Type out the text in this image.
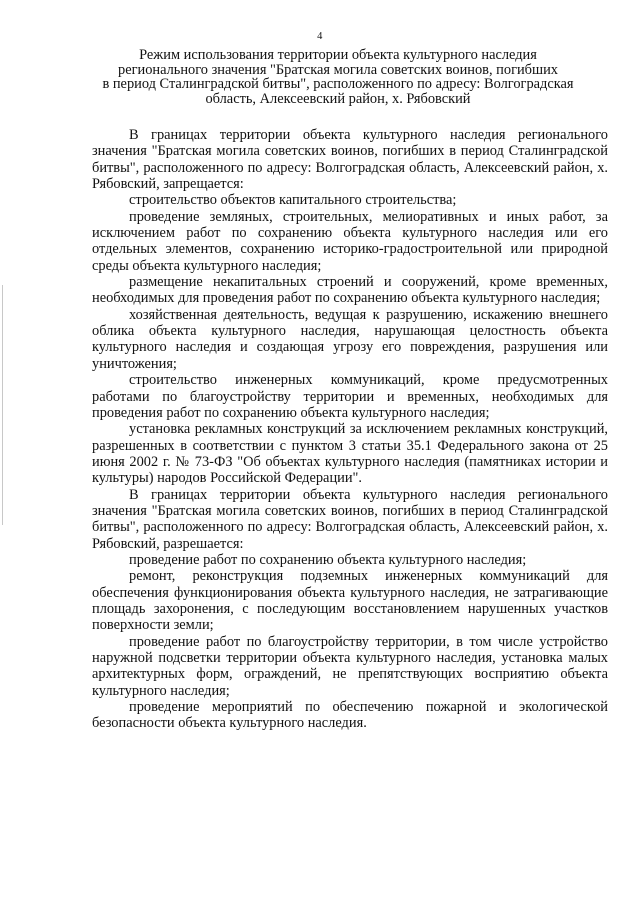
4
Режим использования территории объекта культурного наследия
регионального значения "Братская могила советских воинов, погибших
в период Сталинградской битвы", расположенного по адресу: Волгоградская
область, Алексеевский район, х. Рябовский

В границах территории объекта культурного наследия регионального значения "Братская могила советских воинов, погибших в период Сталинградской битвы", расположенного по адресу: Волгоградская область, Алексеевский район, х. Рябовский, запрещается:

строительство объектов капитального строительства;

проведение земляных, строительных, мелиоративных и иных работ, за исключением работ по сохранению объекта культурного наследия или его отдельных элементов, сохранению историко-градостроительной или природной среды объекта культурного наследия;

размещение некапитальных строений и сооружений, кроме временных, необходимых для проведения работ по сохранению объекта культурного наследия;

хозяйственная деятельность, ведущая к разрушению, искажению внешнего облика объекта культурного наследия, нарушающая целостность объекта культурного наследия и создающая угрозу его повреждения, разрушения или уничтожения;

строительство инженерных коммуникаций, кроме предусмотренных работами по благоустройству территории и временных, необходимых для проведения работ по сохранению объекта культурного наследия;

установка рекламных конструкций за исключением рекламных конструкций, разрешенных в соответствии с пунктом 3 статьи 35.1 Федерального закона от 25 июня 2002 г. № 73-ФЗ "Об объектах культурного наследия (памятниках истории и культуры) народов Российской Федерации".

В границах территории объекта культурного наследия регионального значения "Братская могила советских воинов, погибших в период Сталинградской битвы", расположенного по адресу: Волгоградская область, Алексеевский район, х. Рябовский, разрешается:

проведение работ по сохранению объекта культурного наследия;

ремонт, реконструкция подземных инженерных коммуникаций для обеспечения функционирования объекта культурного наследия, не затрагивающие площадь захоронения, с последующим восстановлением нарушенных участков поверхности земли;

проведение работ по благоустройству территории, в том числе устройство наружной подсветки территории объекта культурного наследия, установка малых архитектурных форм, ограждений, не препятствующих восприятию объекта культурного наследия;

проведение мероприятий по обеспечению пожарной и экологической безопасности объекта культурного наследия.
